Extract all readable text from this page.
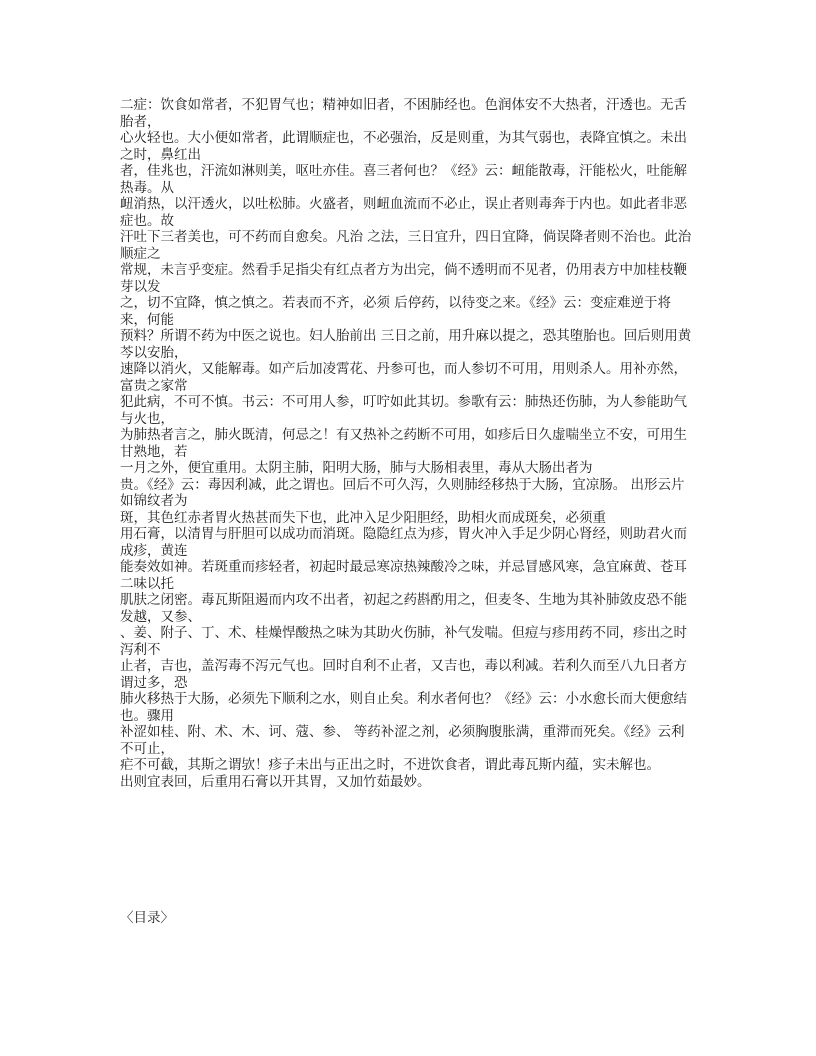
二症：饮食如常者，不犯胃气也；精神如旧者，不困肺经也。色润体安不大热者，汗透也。无舌胎者，

心火轻也。大小便如常者，此谓顺症也，不必强治，反是则重，为其气弱也，表降宜慎之。未出之时，鼻红出

者，佳兆也，汗流如淋则美，呕吐亦佳。喜三者何也？《经》云：衄能散毒，汗能松火，吐能解热毒。从

衄消热，以汗透火，以吐松肺。火盛者，则衄血流而不必止，误止者则毒奔于内也。如此者非恶症也。故

汗吐下三者美也，可不药而自愈矣。凡治 之法，三日宜升，四日宜降，倘误降者则不治也。此治顺症之

常规，未言乎变症。然看手足指尖有红点者方为出完，倘不透明而不见者，仍用表方中加桂枝鞭芽以发

之，切不宜降，慎之慎之。若表而不齐，必须 后停药，以待变之来。《经》云：变症难逆于将来，何能

预料？所谓不药为中医之说也。妇人胎前出 三日之前，用升麻以提之，恐其堕胎也。回后则用黄芩以安胎，

速降以消火，又能解毒。如产后加凌霄花、丹参可也，而人参切不可用，用则杀人。用补亦然，富贵之家常

犯此病，不可不慎。书云：不可用人参，叮咛如此其切。参歌有云：肺热还伤肺，为人参能助气与火也，

为肺热者言之，肺火既清，何忌之！有又热补之药断不可用，如疹后日久虚喘坐立不安，可用生甘熟地，若

一月之外，便宜重用。太阴主肺，阳明大肠，肺与大肠相表里，毒从大肠出者为

贵。《经》云：毒因利减，此之谓也。回后不可久泻，久则肺经移热于大肠，宜凉肠。 出形云片如锦纹者为

斑，其色红赤者胃火热甚而失下也，此冲入足少阳胆经，助相火而成斑矣，必须重

用石膏，以清胃与肝胆可以成功而消斑。隐隐红点为疹，胃火冲入手足少阴心肾经，则助君火而成疹，黄连

能奏效如神。若斑重而疹轻者，初起时最忌寒凉热辣酸冷之味，并忌冒感风寒，急宜麻黄、苍耳二味以托

肌肤之闭密。毒瓦斯阻遏而内攻不出者，初起之药斟酌用之，但麦冬、生地为其补肺敛皮恐不能发越，又参、

、姜、附子、丁、术、桂燥悍酸热之味为其助火伤肺，补气发喘。但痘与疹用药不同，疹出之时泻利不

止者，吉也，盖泻毒不泻元气也。回时自利不止者，又吉也，毒以利减。若利久而至八九日者方谓过多，恐

肺火移热于大肠，必须先下顺利之水，则自止矣。利水者何也？《经》云：小水愈长而大便愈结也。骤用

补涩如桂、附、术、木、诃、蔻、参、 等药补涩之剂，必须胸腹胀满，重滞而死矣。《经》云利不可止，

疟不可截，其斯之谓欤！疹子未出与正出之时，不进饮食者，谓此毒瓦斯内蕴，实未解也。

出则宜表回，后重用石膏以开其胃，又加竹茹最妙。

〈目录〉
